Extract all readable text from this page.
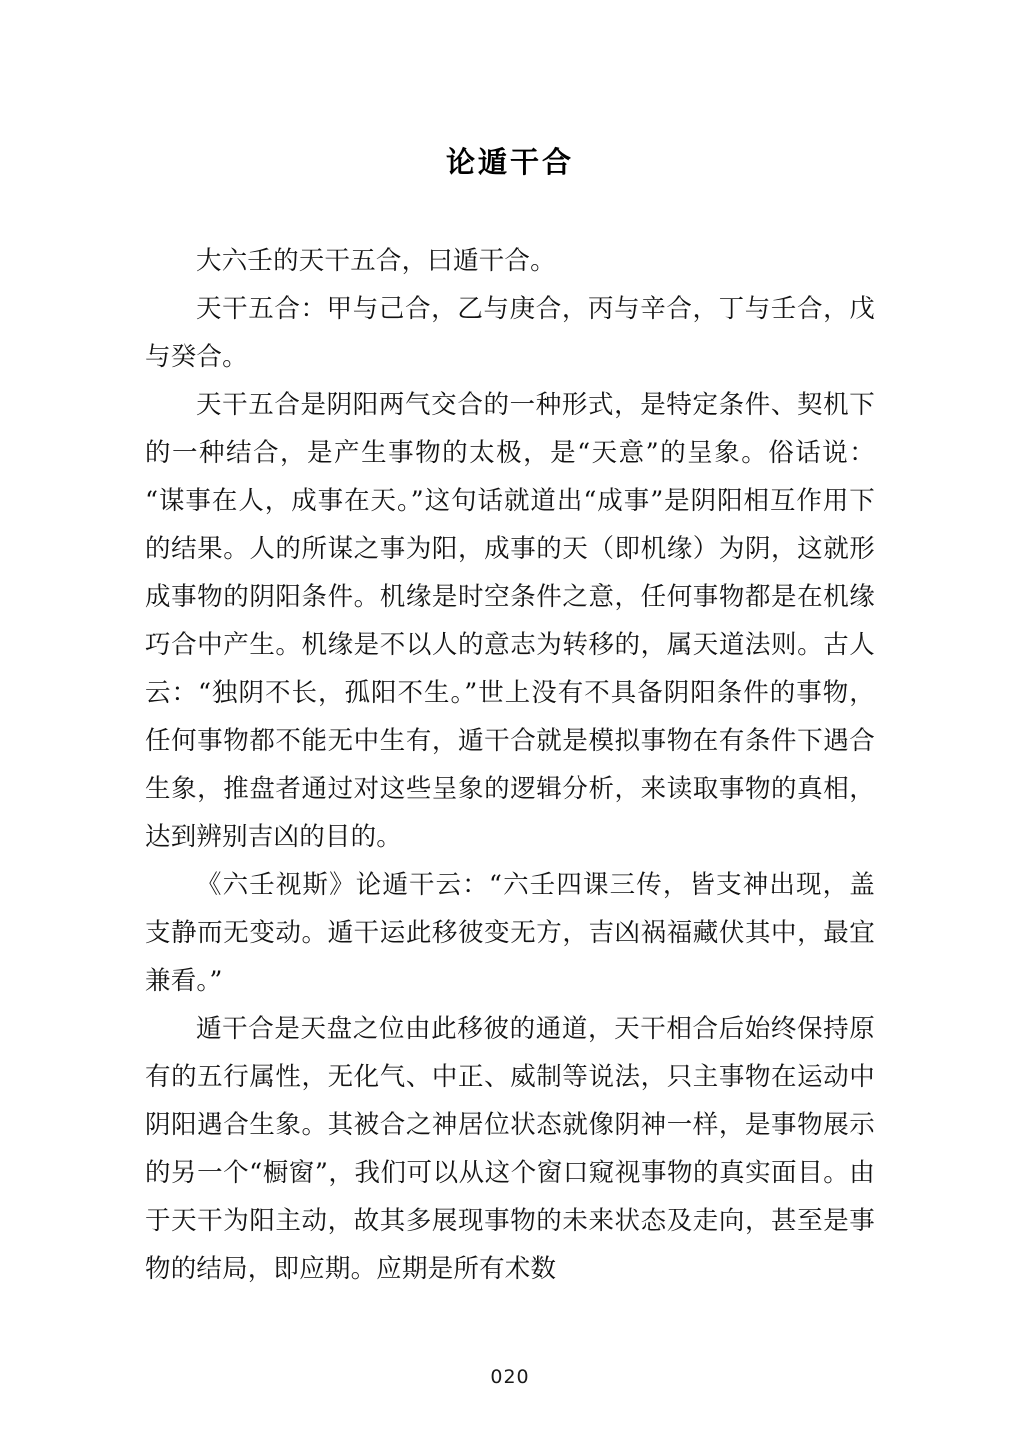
论遁干合

大六壬的天干五合，曰遁干合。

天干五合：甲与己合，乙与庚合，丙与辛合，丁与壬合，戊与癸合。

天干五合是阴阳两气交合的一种形式，是特定条件、契机下的一种结合，是产生事物的太极，是“天意”的呈象。俗话说：“谋事在人，成事在天。”这句话就道出“成事”是阴阳相互作用下的结果。人的所谋之事为阳，成事的天（即机缘）为阴，这就形成事物的阴阳条件。机缘是时空条件之意，任何事物都是在机缘巧合中产生。机缘是不以人的意志为转移的，属天道法则。古人云：“独阴不长，孤阳不生。”世上没有不具备阴阳条件的事物，任何事物都不能无中生有，遁干合就是模拟事物在有条件下遇合生象，推盘者通过对这些呈象的逻辑分析，来读取事物的真相，达到辨别吉凶的目的。

《六壬视斯》论遁干云：“六壬四课三传，皆支神出现，盖支静而无变动。遁干运此移彼变无方，吉凶祸福藏伏其中，最宜兼看。”

遁干合是天盘之位由此移彼的通道，天干相合后始终保持原有的五行属性，无化气、中正、威制等说法，只主事物在运动中阴阳遇合生象。其被合之神居位状态就像阴神一样，是事物展示的另一个“橱窗”，我们可以从这个窗口窥视事物的真实面目。由于天干为阳主动，故其多展现事物的未来状态及走向，甚至是事物的结局，即应期。应期是所有术数

020
